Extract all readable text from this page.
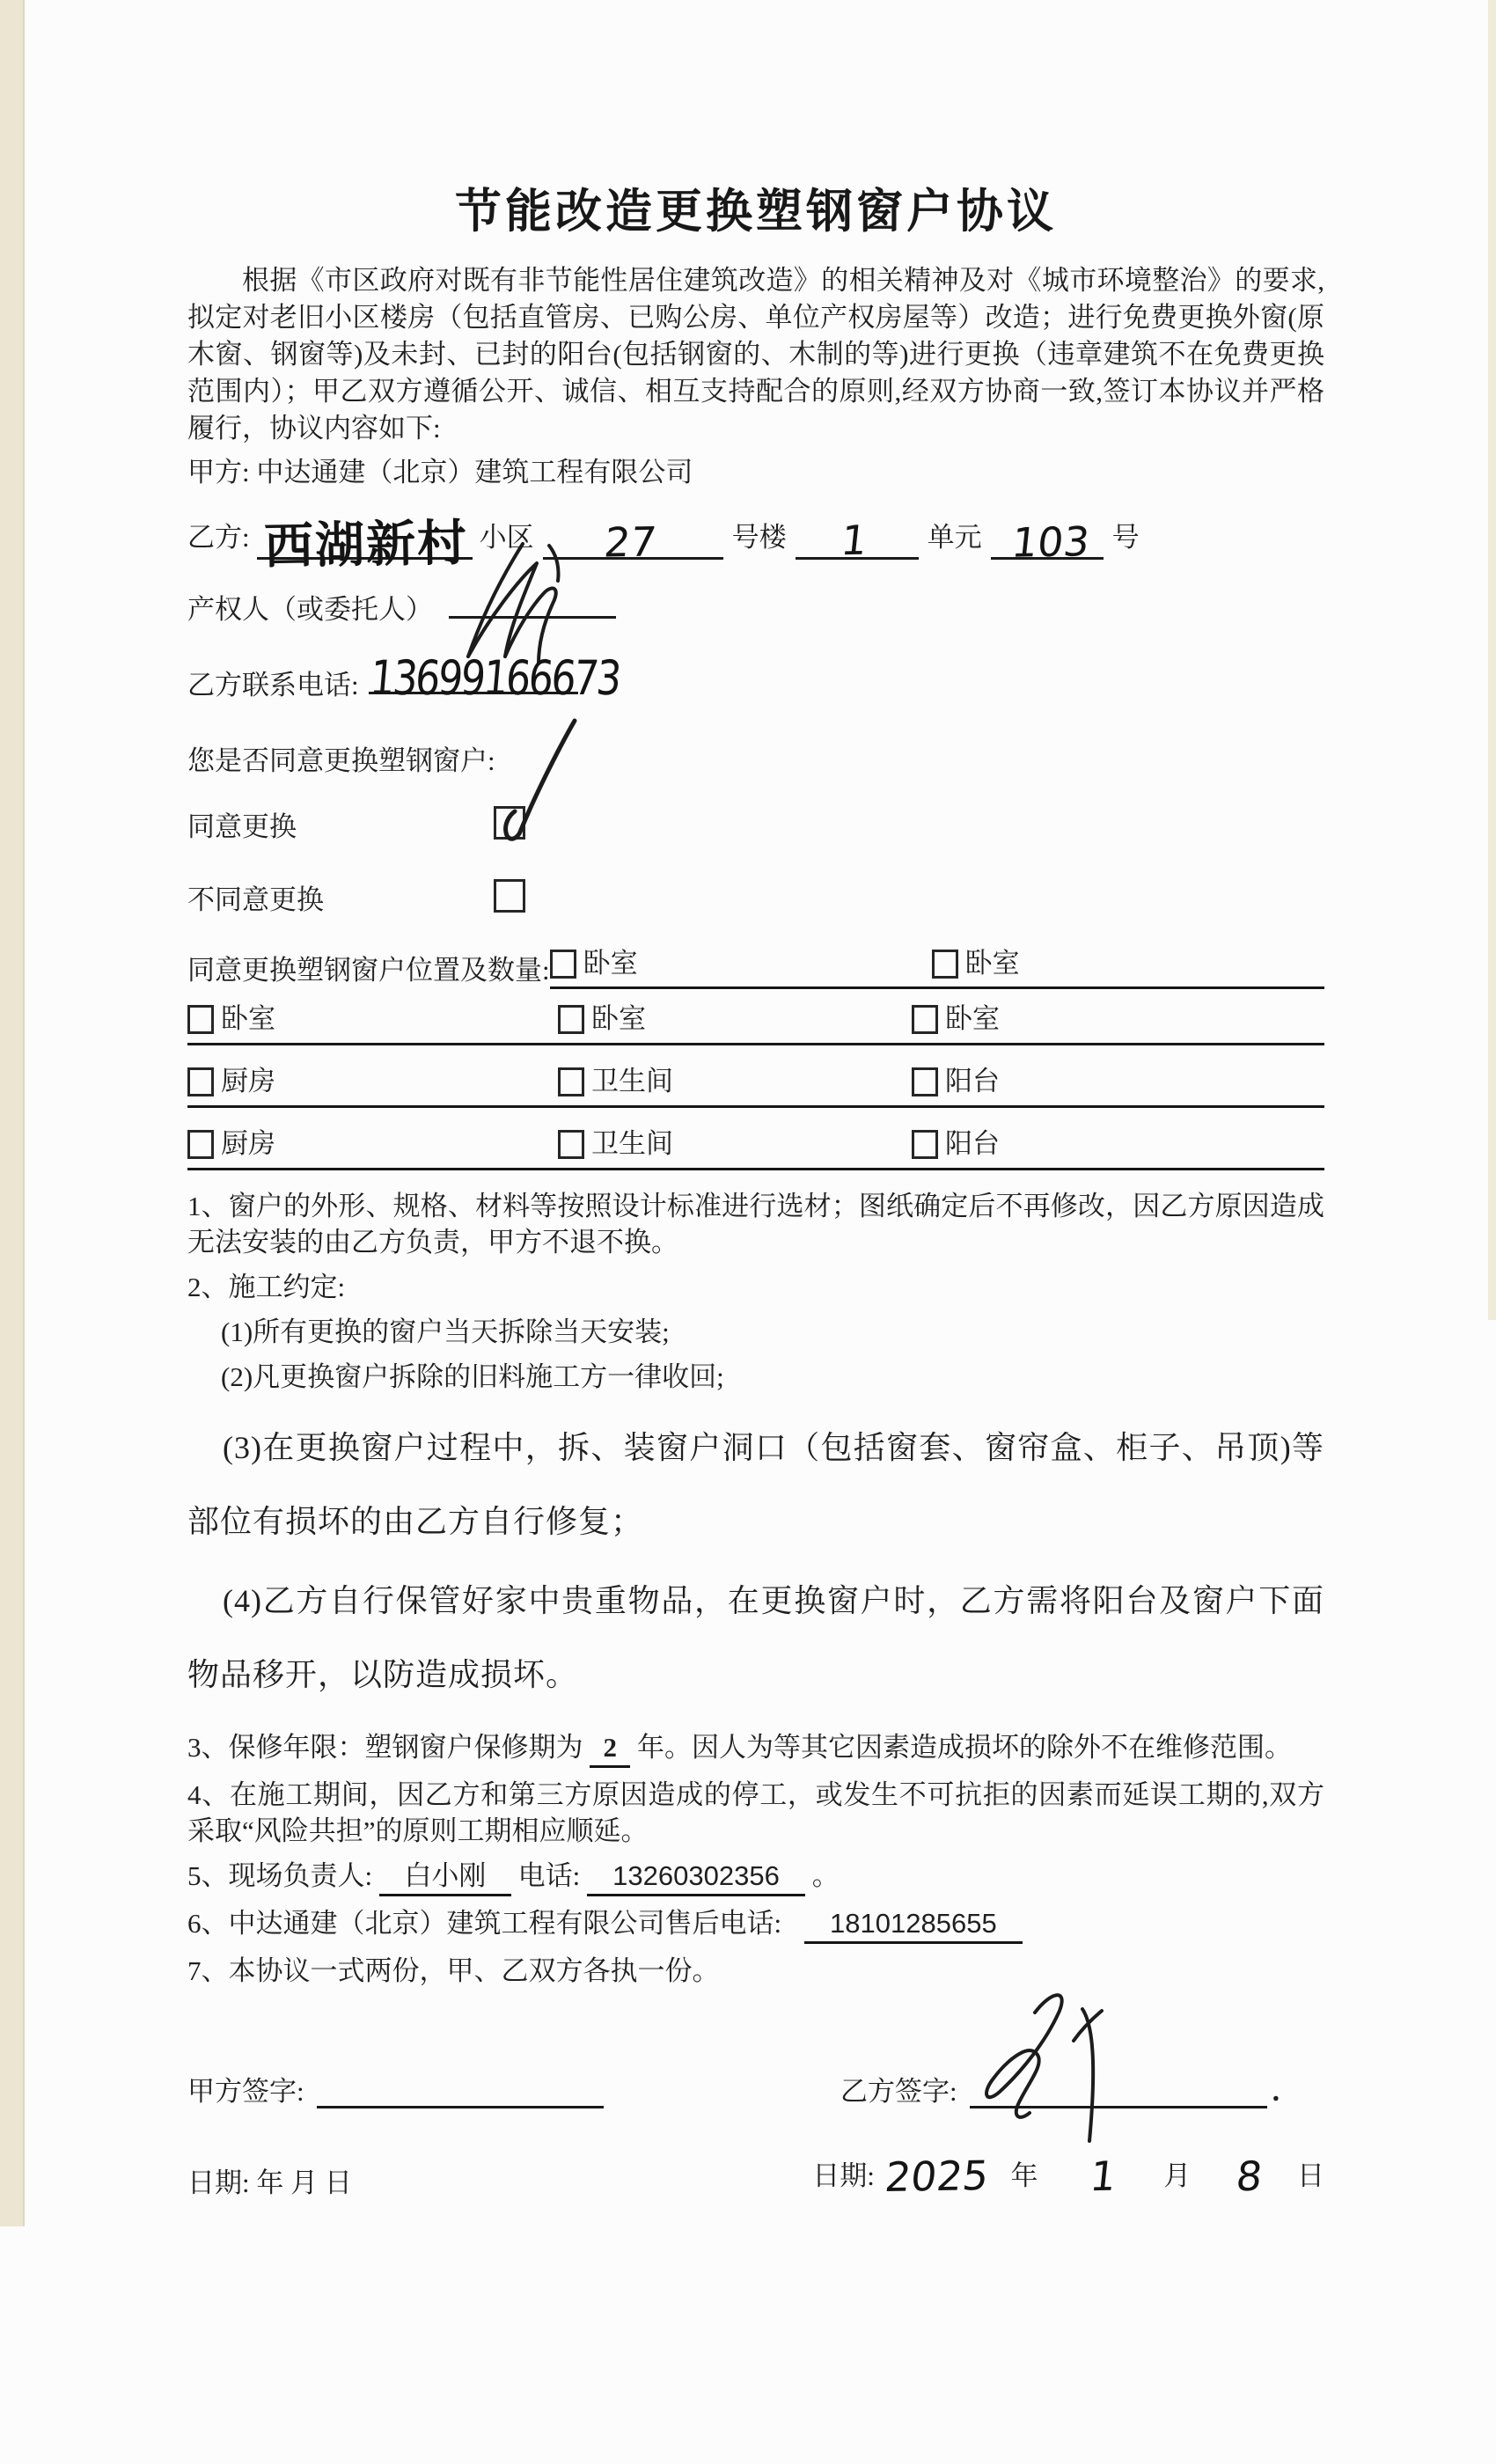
节能改造更换塑钢窗户协议

根据《市区政府对既有非节能性居住建筑改造》的相关精神及对《城市环境整治》的要求,拟定对老旧小区楼房（包括直管房、已购公房、单位产权房屋等）改造；进行免费更换外窗(原木窗、钢窗等)及未封、已封的阳台(包括钢窗的、木制的等)进行更换（违章建筑不在免费更换范围内）；甲乙双方遵循公开、诚信、相互支持配合的原则,经双方协商一致,签订本协议并严格履行，协议内容如下:

甲方: 中达通建（北京）建筑工程有限公司
乙方: 西湖新村 小区 27	号楼 1 单元 103 号
产权人（或委托人）
乙方联系电话: 13699166673
您是否同意更换塑钢窗户:
同意更换
不同意更换
同意更换塑钢窗户位置及数量: 卧室	卧室
卧室	卧室	卧室
厨房	卫生间	阳台
厨房	卫生间	阳台
1、窗户的外形、规格、材料等按照设计标准进行选材；图纸确定后不再修改，因乙方原因造成无法安装的由乙方负责，甲方不退不换。
2、施工约定:
(1)所有更换的窗户当天拆除当天安装;
(2)凡更换窗户拆除的旧料施工方一律收回;
(3)在更换窗户过程中，拆、装窗户洞口（包括窗套、窗帘盒、柜子、吊顶)等部位有损坏的由乙方自行修复；
(4)乙方自行保管好家中贵重物品，在更换窗户时，乙方需将阳台及窗户下面物品移开，以防造成损坏。
3、保修年限：塑钢窗户保修期为 2 年。因人为等其它因素造成损坏的除外不在维修范围。
4、在施工期间，因乙方和第三方原因造成的停工，或发生不可抗拒的因素而延误工期的,双方采取“风险共担”的原则工期相应顺延。
5、现场负责人: 白小刚 电话: 13260302356 。
6、中达通建（北京）建筑工程有限公司售后电话: 18101285655
7、本协议一式两份，甲、乙双方各执一份。
甲方签字:	乙方签字:	.
日期: 年 月 日	日期: 2025 年 1 月 8 日
